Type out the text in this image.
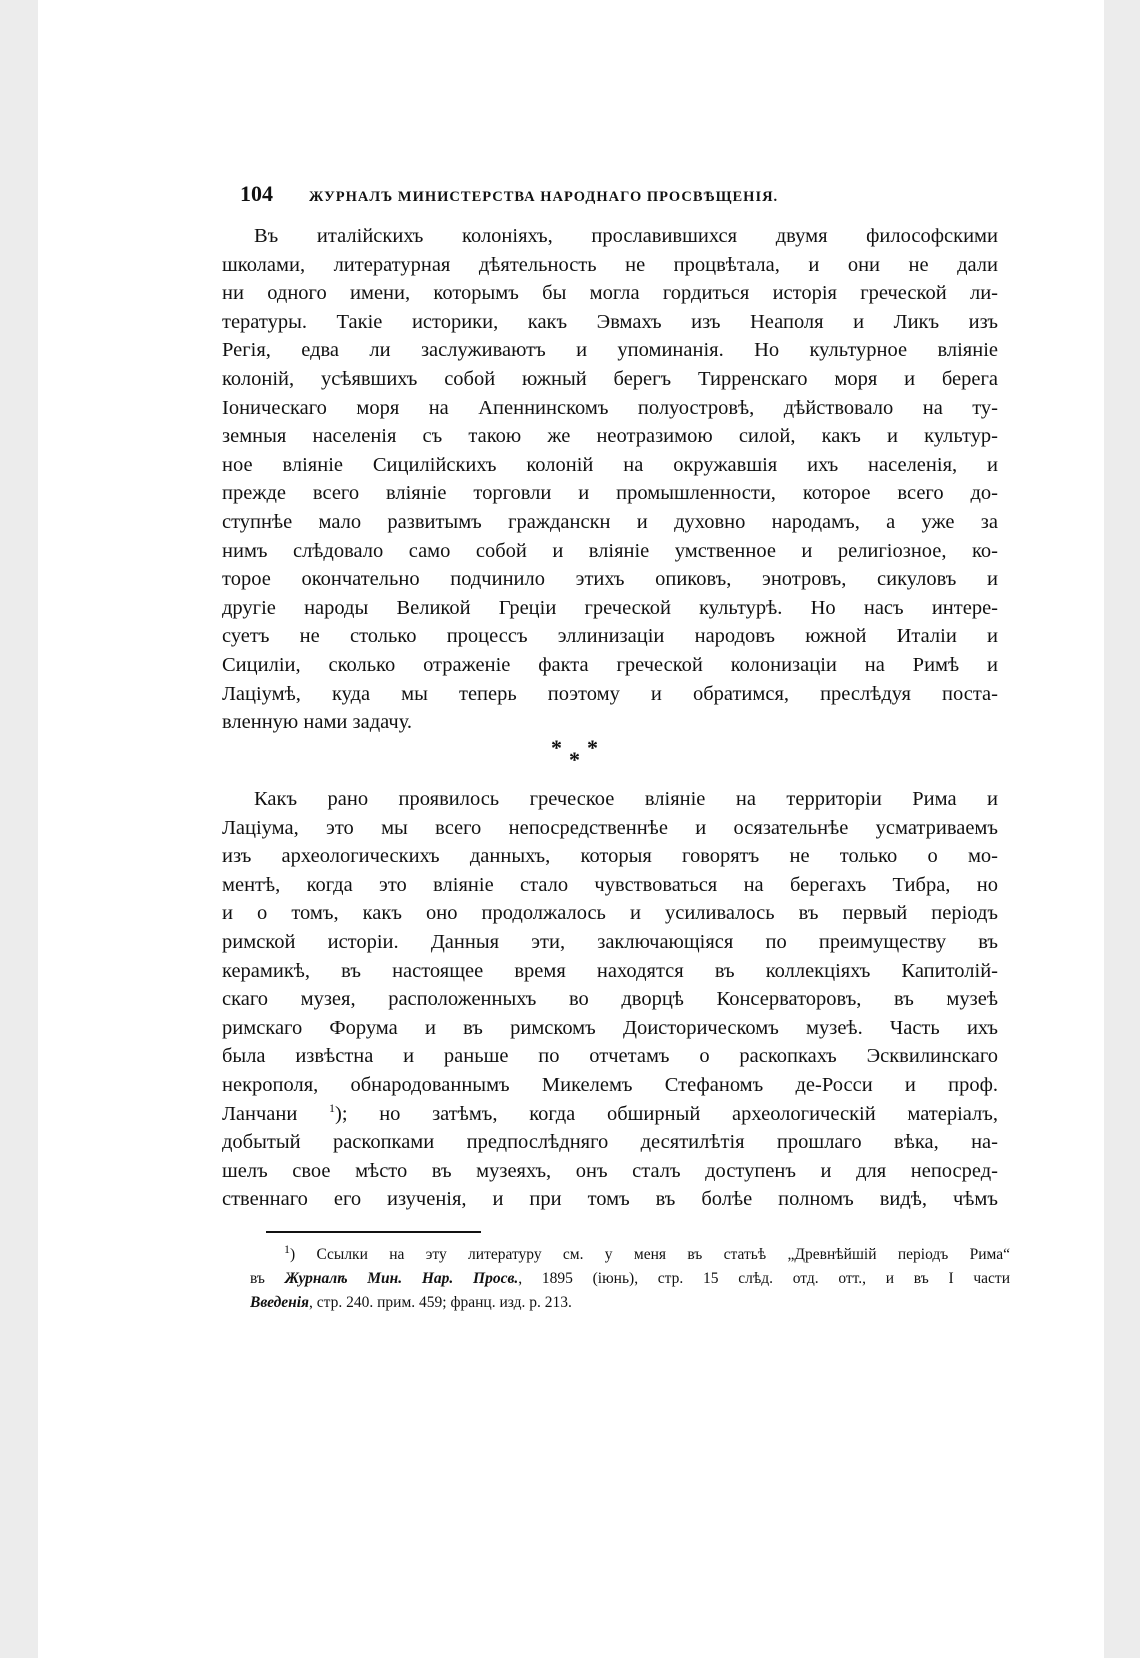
104 ЖУРНАЛЪ МИНИСТЕРСТВА НАРОДНАГО ПРОСВѢЩЕНІЯ.
Въ италійскихъ колоніяхъ, прославившихся двумя философскими
школами, литературная дѣятельность не процвѣтала, и они не дали
ни одного имени, которымъ бы могла гордиться исторія греческой ли-
тературы. Такіе историки, какъ Эвмахъ изъ Неаполя и Ликъ изъ
Регія, едва ли заслуживаютъ и упоминанія. Но культурное вліяніе
колоній, усѣявшихъ собой южный берегъ Тирренскаго моря и берега
Іоническаго моря на Апеннинскомъ полуостровѣ, дѣйствовало на ту-
земныя населенія съ такою же неотразимою силой, какъ и культур-
ное вліяніе Сицилійскихъ колоній на окружавшія ихъ населенія, и
прежде всего вліяніе торговли и промышленности, которое всего до-
ступнѣе мало развитымъ гражданскн и духовно народамъ, а уже за
нимъ слѣдовало само собой и вліяніе умственное и религіозное, ко-
торое окончательно подчинило этихъ опиковъ, энотровъ, сикуловъ и
другіе народы Великой Греціи греческой культурѣ. Но насъ интере-
суетъ не столько процессъ эллинизаціи народовъ южной Италіи и
Сициліи, сколько отраженіе факта греческой колонизаціи на Римѣ и
Лаціумѣ, куда мы теперь поэтому и обратимся, преслѣдуя поста-
вленную нами задачу.
* *
*
Какъ рано проявилось греческое вліяніе на территоріи Рима и
Лаціума, это мы всего непосредственнѣе и осязательнѣе усматриваемъ
изъ археологическихъ данныхъ, которыя говорятъ не только о мо-
ментѣ, когда это вліяніе стало чувствоваться на берегахъ Тибра, но
и о томъ, какъ оно продолжалось и усиливалось въ первый періодъ
римской исторіи. Данныя эти, заключающіяся по преимуществу въ
керамикѣ, въ настоящее время находятся въ коллекціяхъ Капитолій-
скаго музея, расположенныхъ во дворцѣ Консерваторовъ, въ музеѣ
римскаго Форума и въ римскомъ Доисторическомъ музеѣ. Часть ихъ
была извѣстна и раньше по отчетамъ о раскопкахъ Эсквилинскаго
некрополя, обнародованнымъ Микелемъ Стефаномъ де-Росси и проф.
Ланчани	$^1$); но затѣмъ, когда обширный археологическій матеріалъ,
добытый раскопками предпослѣдняго десятилѣтія прошлаго вѣка, на-
шелъ свое мѣсто въ музеяхъ, онъ сталъ доступенъ и для непосред-
ственнаго его изученія, и при томъ въ болѣе полномъ видѣ, чѣмъ
$^1$) Ссылки на эту литературу см. у меня въ статьѣ „Древнѣйшій періодъ Рима“
въ Журналѣ Мин. Нар. Просв., 1895 (іюнь), стр. 15 слѣд. отд. отт., и въ I части
Введенія, стр. 240. прим. 459; франц. изд. р. 213.
